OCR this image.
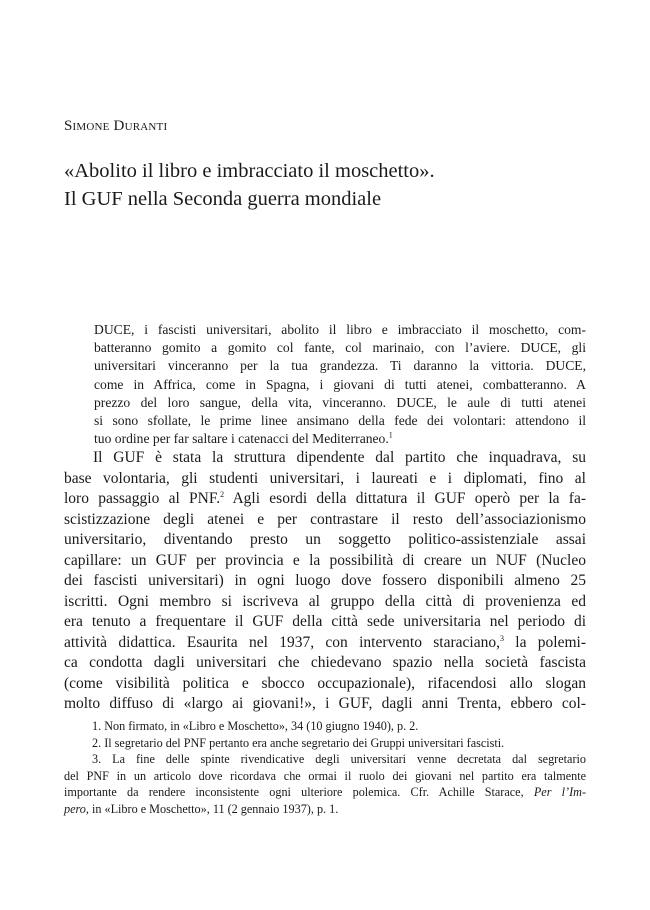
Simone Duranti

«Abolito il libro e imbracciato il moschetto».
Il GUF nella Seconda guerra mondiale
DUCE, i fascisti universitari, abolito il libro e imbracciato il moschetto, com-
batteranno gomito a gomito col fante, col marinaio, con l’aviere. DUCE, gli
universitari vinceranno per la tua grandezza. Ti daranno la vittoria. DUCE,
come in Affrica, come in Spagna, i giovani di tutti atenei, combatteranno. A
prezzo del loro sangue, della vita, vinceranno. DUCE, le aule di tutti atenei
si sono sfollate, le prime linee ansimano della fede dei volontari: attendono il
tuo ordine per far saltare i catenacci del Mediterraneo.$^1$
Il GUF è stata la struttura dipendente dal partito che inquadrava, su
base volontaria, gli studenti universitari, i laureati e i diplomati, fino al
loro passaggio al PNF.$^2$ Agli esordi della dittatura il GUF operò per la fa-
scistizzazione degli atenei e per contrastare il resto dell’associazionismo
universitario, diventando presto un soggetto politico-assistenziale assai
capillare: un GUF per provincia e la possibilità di creare un NUF (Nucleo
dei fascisti universitari) in ogni luogo dove fossero disponibili almeno 25
iscritti. Ogni membro si iscriveva al gruppo della città di provenienza ed
era tenuto a frequentare il GUF della città sede universitaria nel periodo di
attività didattica. Esaurita nel 1937, con intervento staraciano,$^3$ la polemi-
ca condotta dagli universitari che chiedevano spazio nella società fascista
(come visibilità politica e sbocco occupazionale), rifacendosi allo slogan
molto diffuso di «largo ai giovani!», i GUF, dagli anni Trenta, ebbero col-
1. Non firmato, in «Libro e Moschetto», 34 (10 giugno 1940), p. 2.
2. Il segretario del PNF pertanto era anche segretario dei Gruppi universitari fascisti.
3. La fine delle spinte rivendicative degli universitari venne decretata dal segretario
del PNF in un articolo dove ricordava che ormai il ruolo dei giovani nel partito era talmente
importante da rendere inconsistente ogni ulteriore polemica. Cfr. Achille Starace, Per l’Im-
pero, in «Libro e Moschetto», 11 (2 gennaio 1937), p. 1.
